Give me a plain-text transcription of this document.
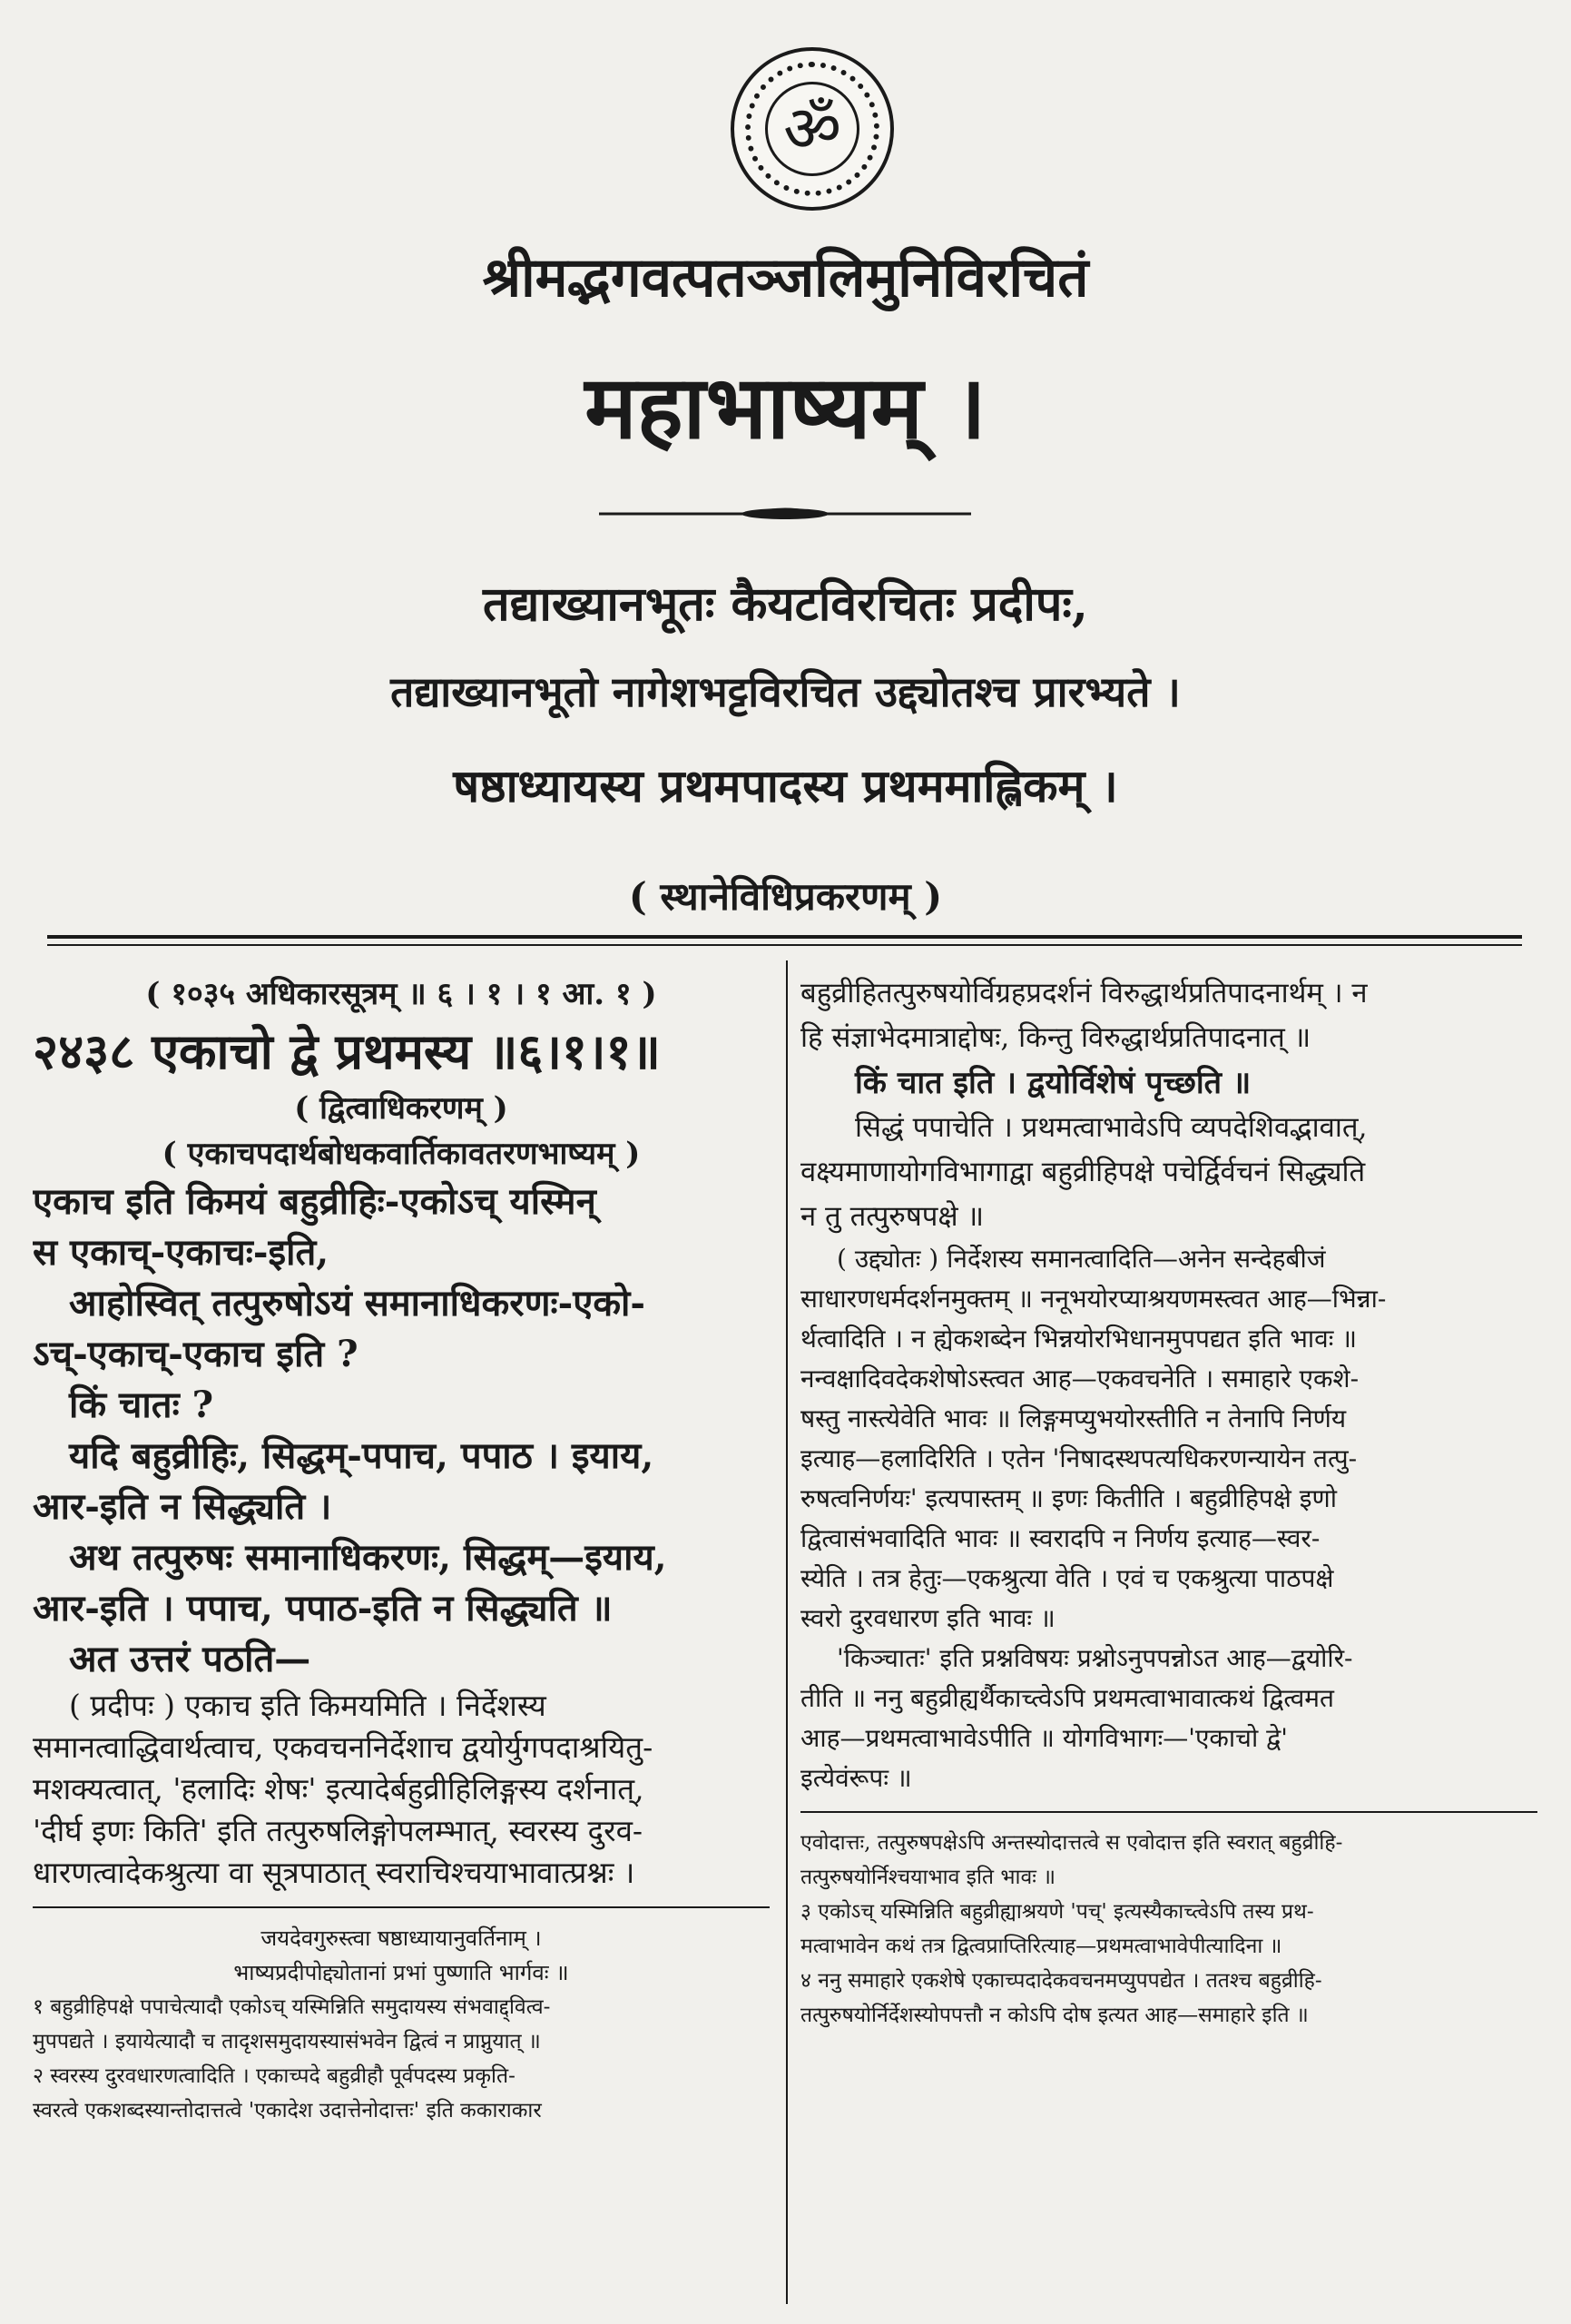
ॐ
श्रीमद्भगवत्पतञ्जलिमुनिविरचितं
महाभाष्यम् ।
तद्याख्यानभूतः कैयटविरचितः प्रदीपः,
तद्याख्यानभूतो नागेशभट्टविरचित उद्द्योतश्च प्रारभ्यते ।
षष्ठाध्यायस्य प्रथमपादस्य प्रथममाह्लिकम् ।
( स्थानेविधिप्रकरणम् )
( १०३५ अधिकारसूत्रम् ॥ ६ । १ । १ आ. १ )
२४३८ एकाचो द्वे प्रथमस्य ॥६।१।१॥
( द्वित्वाधिकरणम् )
( एकाचपदार्थबोधकवार्तिकावतरणभाष्यम् )
एकाच इति किमयं बहुव्रीहिः-एकोऽच् यस्मिन्
स एकाच्-एकाचः-इति,
आहोस्वित् तत्पुरुषोऽयं समानाधिकरणः-एको-
ऽच्-एकाच्-एकाच इति ?
किं चातः ?
यदि बहुव्रीहिः, सिद्धम्-पपाच, पपाठ । इयाय,
आर-इति न सिद्ध्यति ।
अथ तत्पुरुषः समानाधिकरणः, सिद्धम्—इयाय,
आर-इति । पपाच, पपाठ-इति न सिद्ध्यति ॥
अत उत्तरं पठति—
( प्रदीपः ) एकाच इति किमयमिति । निर्देशस्य
समानत्वाद्धिवार्थत्वाच, एकवचननिर्देशाच द्वयोर्युगपदाश्रयितु-
मशक्यत्वात्, 'हलादिः शेषः' इत्यादेर्बहुव्रीहिलिङ्गस्य दर्शनात्,
'दीर्घ इणः किति' इति तत्पुरुषलिङ्गोपलम्भात्, स्वरस्य दुरव-
धारणत्वादेकश्रुत्या वा सूत्रपाठात् स्वराचिश्चयाभावात्प्रश्नः ।
जयदेवगुरुस्त्वा षष्ठाध्यायानुवर्तिनाम् ।
भाष्यप्रदीपोद्द्योतानां प्रभां पुष्णाति भार्गवः ॥
१ बहुव्रीहिपक्षे पपाचेत्यादौ एकोऽच् यस्मिन्निति समुदायस्य संभवाद्द्वित्व-
मुपपद्यते । इयायेत्यादौ च तादृशसमुदायस्यासंभवेन द्वित्वं न प्राप्नुयात् ॥
२ स्वरस्य दुरवधारणत्वादिति । एकाच्पदे बहुव्रीहौ पूर्वपदस्य प्रकृति-
स्वरत्वे एकशब्दस्यान्तोदात्तत्वे 'एकादेश उदात्तेनोदात्तः' इति ककाराकार
बहुव्रीहितत्पुरुषयोर्विग्रहप्रदर्शनं विरुद्धार्थप्रतिपादनार्थम् । न
हि संज्ञाभेदमात्राद्दोषः, किन्तु विरुद्धार्थप्रतिपादनात् ॥
किं चात इति । द्वयोर्विशेषं पृच्छति ॥
सिद्धं पपाचेति । प्रथमत्वाभावेऽपि व्यपदेशिवद्भावात्,
वक्ष्यमाणायोगविभागाद्वा बहुव्रीहिपक्षे पचेर्द्विर्वचनं सिद्ध्यति
न तु तत्पुरुषपक्षे ॥
( उद्द्योतः ) निर्देशस्य समानत्वादिति—अनेन सन्देहबीजं
साधारणधर्मदर्शनमुक्तम् ॥ ननूभयोरप्याश्रयणमस्त्वत आह—भिन्ना-
र्थत्वादिति । न ह्येकशब्देन भिन्नयोरभिधानमुपपद्यत इति भावः ॥
नन्वक्षादिवदेकशेषोऽस्त्वत आह—एकवचनेति । समाहारे एकशे-
षस्तु नास्त्येवेति भावः ॥ लिङ्गमप्युभयोरस्तीति न तेनापि निर्णय
इत्याह—हलादिरिति । एतेन 'निषादस्थपत्यधिकरणन्यायेन तत्पु-
रुषत्वनिर्णयः' इत्यपास्तम् ॥ इणः कितीति । बहुव्रीहिपक्षे इणो
द्वित्वासंभवादिति भावः ॥ स्वरादपि न निर्णय इत्याह—स्वर-
स्येति । तत्र हेतुः—एकश्रुत्या वेति । एवं च एकश्रुत्या पाठपक्षे
स्वरो दुरवधारण इति भावः ॥
'किञ्चातः' इति प्रश्नविषयः प्रश्नोऽनुपपन्नोऽत आह—द्वयोरि-
तीति ॥ ननु बहुव्रीह्यर्थैकाच्त्वेऽपि प्रथमत्वाभावात्कथं द्वित्वमत
आह—प्रथमत्वाभावेऽपीति ॥ योगविभागः—'एकाचो द्वे'
इत्येवंरूपः ॥
एवोदात्तः, तत्पुरुषपक्षेऽपि अन्तस्योदात्तत्वे स एवोदात्त इति स्वरात् बहुव्रीहि-
तत्पुरुषयोर्निश्चयाभाव इति भावः ॥
३ एकोऽच् यस्मिन्निति बहुव्रीह्याश्रयणे 'पच्' इत्यस्यैकाच्त्वेऽपि तस्य प्रथ-
मत्वाभावेन कथं तत्र द्वित्वप्राप्तिरित्याह—प्रथमत्वाभावेपीत्यादिना ॥
४ ननु समाहारे एकशेषे एकाच्पदादेकवचनमप्युपपद्येत । ततश्च बहुव्रीहि-
तत्पुरुषयोर्निर्देशस्योपपत्तौ न कोऽपि दोष इत्यत आह—समाहारे इति ॥
